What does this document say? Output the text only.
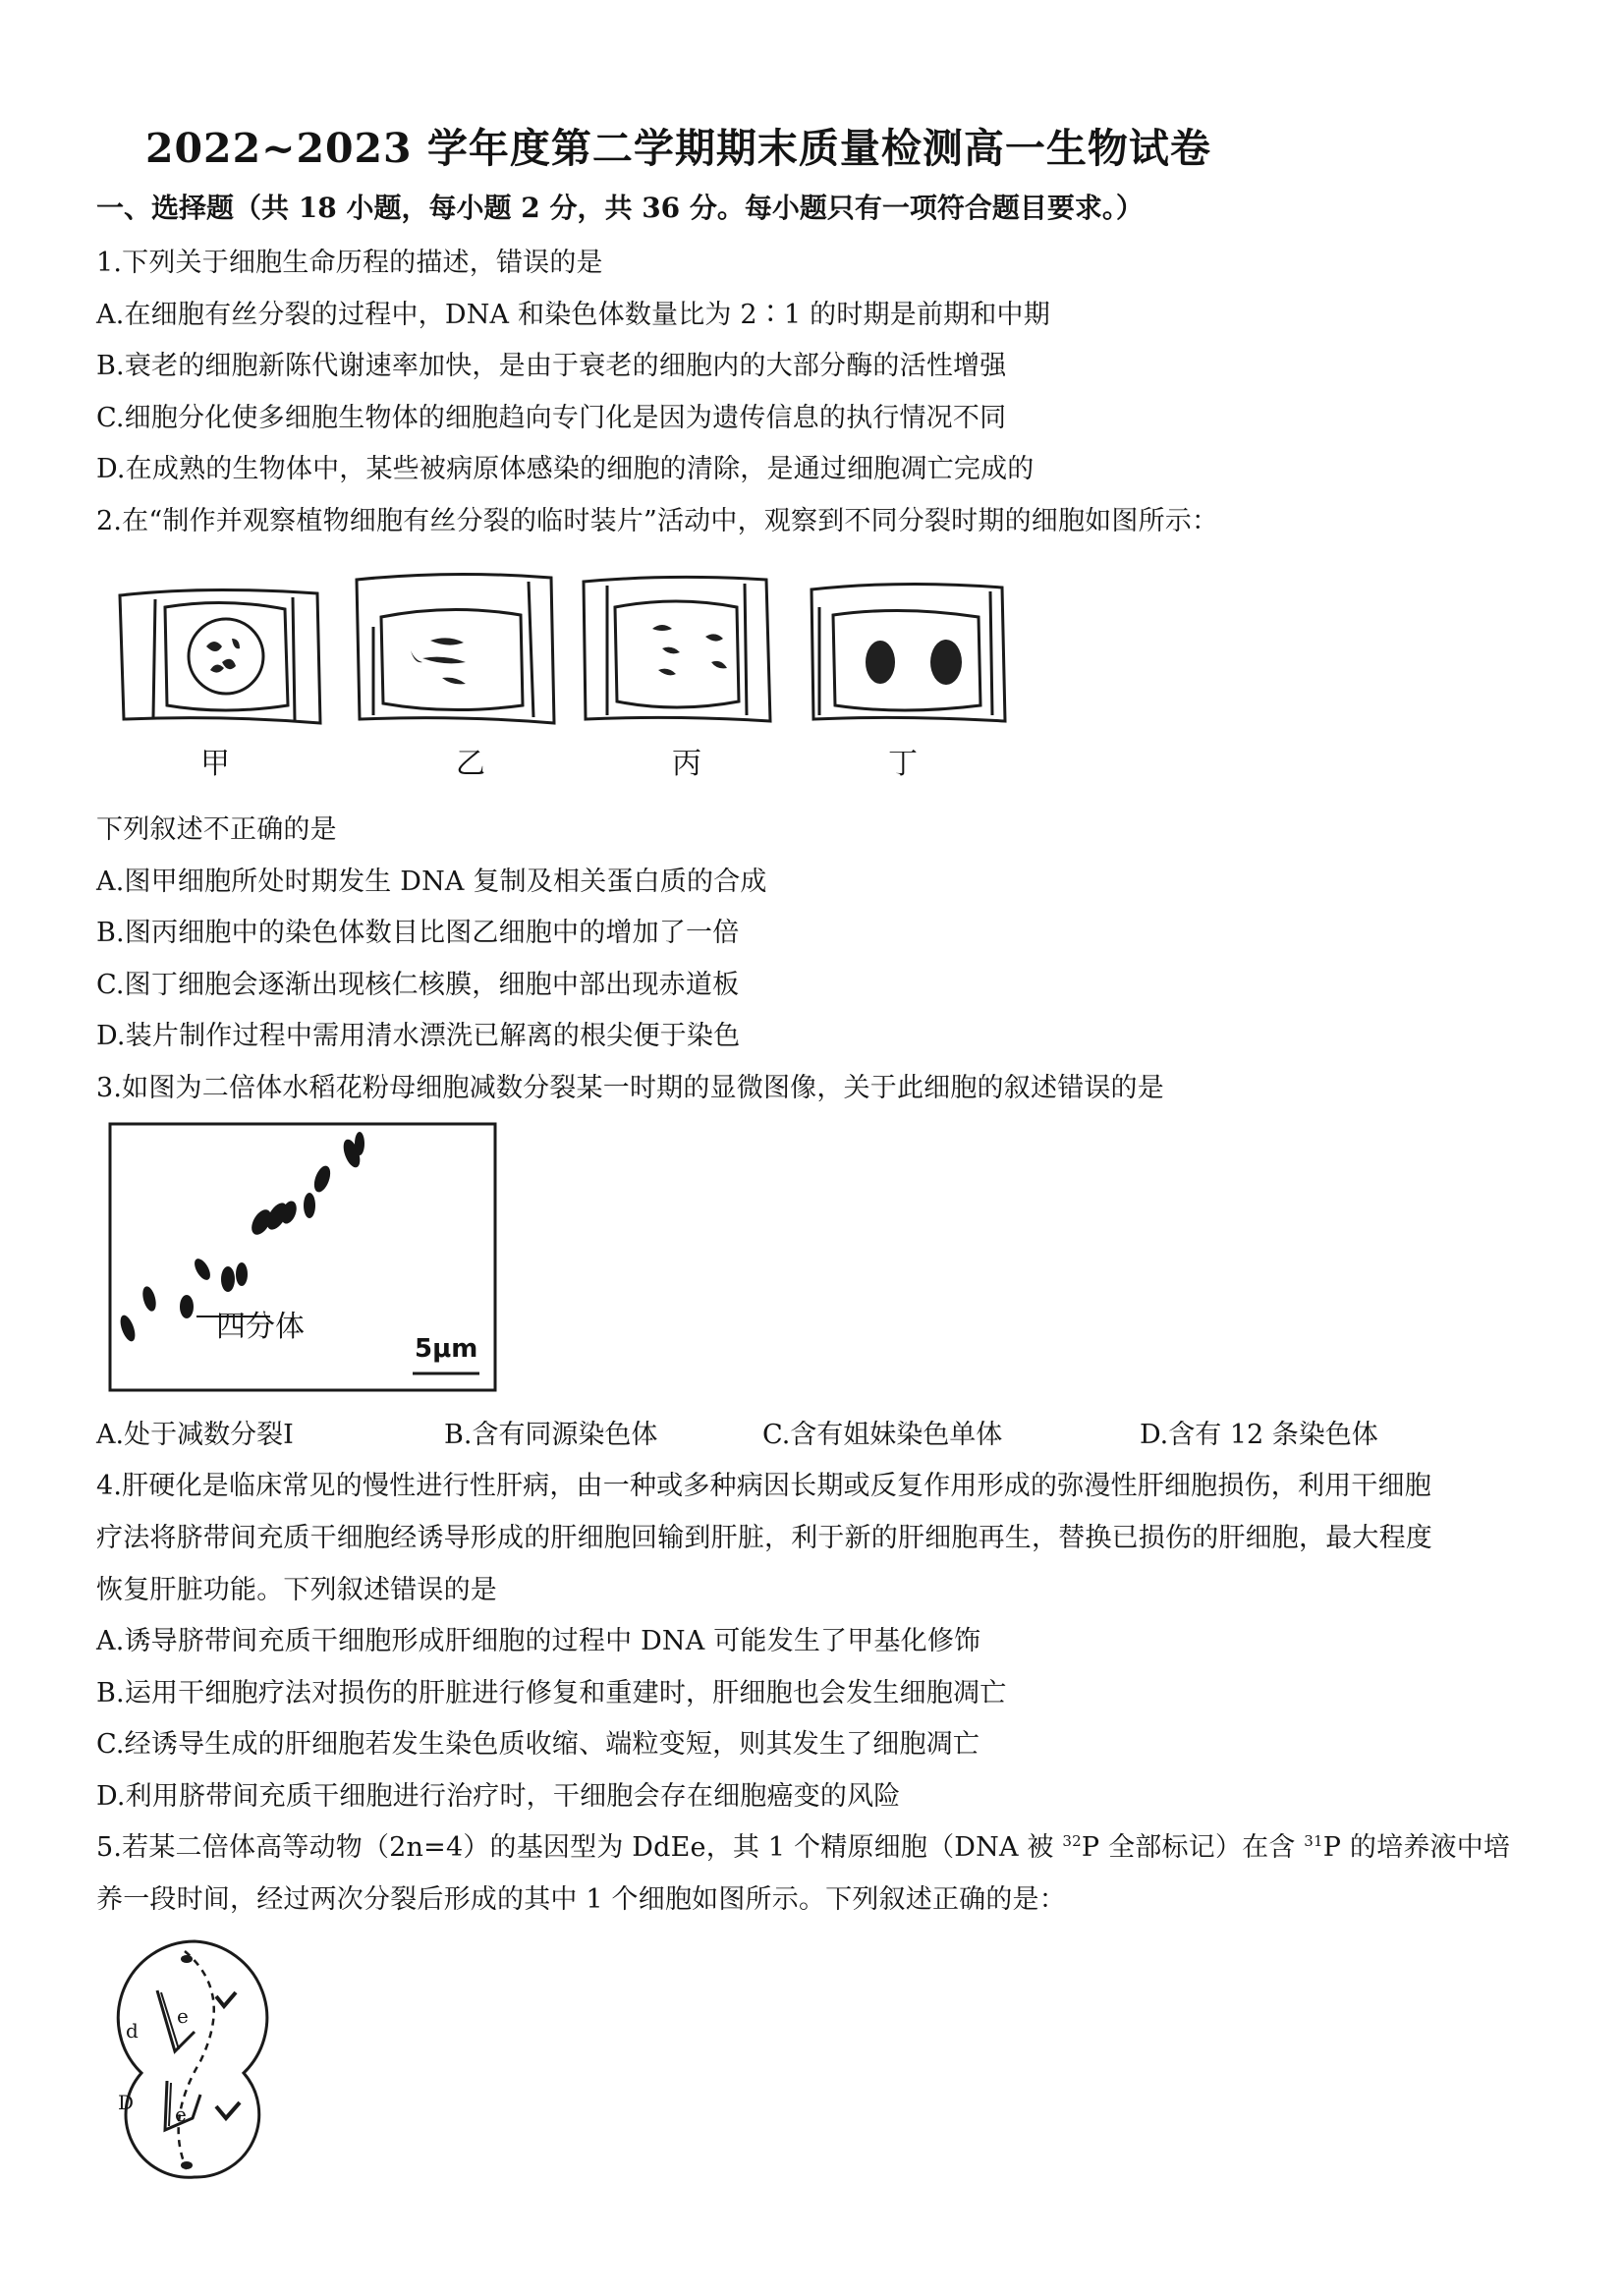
2022~2023 学年度第二学期期末质量检测高一生物试卷
一、选择题（共 18 小题，每小题 2 分，共 36 分。每小题只有一项符合题目要求。）
1.下列关于细胞生命历程的描述，错误的是
A.在细胞有丝分裂的过程中，DNA 和染色体数量比为 2∶1 的时期是前期和中期
B.衰老的细胞新陈代谢速率加快，是由于衰老的细胞内的大部分酶的活性增强
C.细胞分化使多细胞生物体的细胞趋向专门化是因为遗传信息的执行情况不同
D.在成熟的生物体中，某些被病原体感染的细胞的清除，是通过细胞凋亡完成的
2.在“制作并观察植物细胞有丝分裂的临时装片”活动中，观察到不同分裂时期的细胞如图所示：
甲	乙	丙	丁
下列叙述不正确的是
A.图甲细胞所处时期发生 DNA 复制及相关蛋白质的合成
B.图丙细胞中的染色体数目比图乙细胞中的增加了一倍
C.图丁细胞会逐渐出现核仁核膜，细胞中部出现赤道板
D.装片制作过程中需用清水漂洗已解离的根尖便于染色
3.如图为二倍体水稻花粉母细胞减数分裂某一时期的显微图像，关于此细胞的叙述错误的是
四分体
5μm
A.处于减数分裂Ⅰ	B.含有同源染色体	C.含有姐妹染色单体	D.含有 12 条染色体
4.肝硬化是临床常见的慢性进行性肝病，由一种或多种病因长期或反复作用形成的弥漫性肝细胞损伤，利用干细胞
疗法将脐带间充质干细胞经诱导形成的肝细胞回输到肝脏，利于新的肝细胞再生，替换已损伤的肝细胞，最大程度
恢复肝脏功能。下列叙述错误的是
A.诱导脐带间充质干细胞形成肝细胞的过程中 DNA 可能发生了甲基化修饰
B.运用干细胞疗法对损伤的肝脏进行修复和重建时，肝细胞也会发生细胞凋亡
C.经诱导生成的肝细胞若发生染色质收缩、端粒变短，则其发生了细胞凋亡
D.利用脐带间充质干细胞进行治疗时，干细胞会存在细胞癌变的风险
5.若某二倍体高等动物（2n=4）的基因型为 DdEe，其 1 个精原细胞（DNA 被 $^{32}$P 全部标记）在含 $^{31}$P 的培养液中培
养一段时间，经过两次分裂后形成的其中 1 个细胞如图所示。下列叙述正确的是：
d
e
D e
